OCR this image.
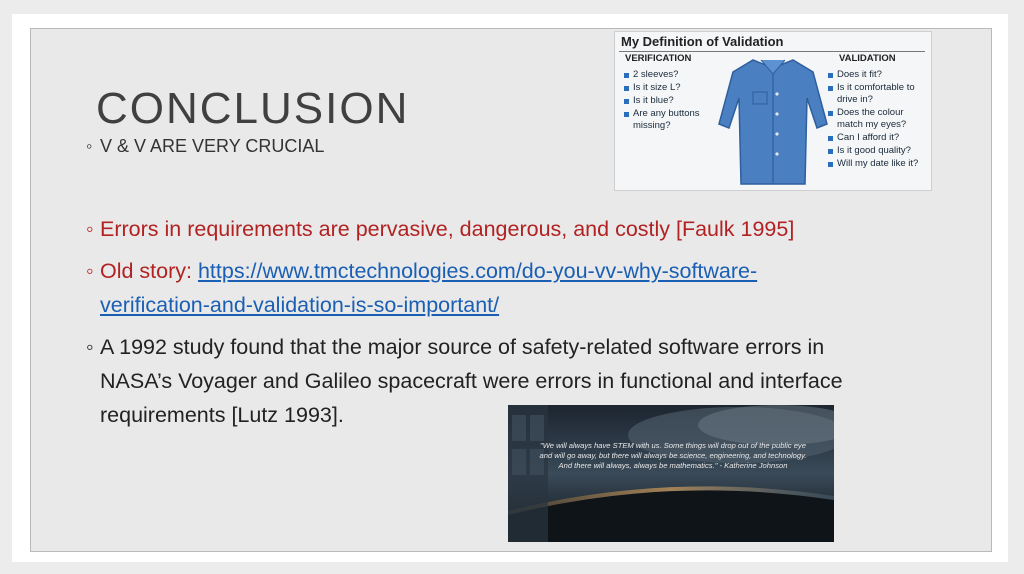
CONCLUSION
◦ V & V ARE VERY CRUCIAL
◦ Errors in requirements are pervasive, dangerous, and costly [Faulk 1995]
◦ Old story: https://www.tmctechnologies.com/do-you-vv-why-software-
verification-and-validation-is-so-important/
◦ A 1992 study found that the major source of safety-related software errors in
NASA’s Voyager and Galileo spacecraft were errors in functional and interface
requirements [Lutz 1993].
My Definition of Validation
VERIFICATION	VALIDATION
2 sleeves?
Is it size L?
Is it blue?
Are any buttons missing?
Does it fit?
Is it comfortable to drive in?
Does the colour match my eyes?
Can I afford it?
Is it good quality?
Will my date like it?
"We will always have STEM with us. Some things will drop out of the public eye and will go away, but there will always be science, engineering, and technology. And there will always, always be mathematics." - Katherine Johnson
